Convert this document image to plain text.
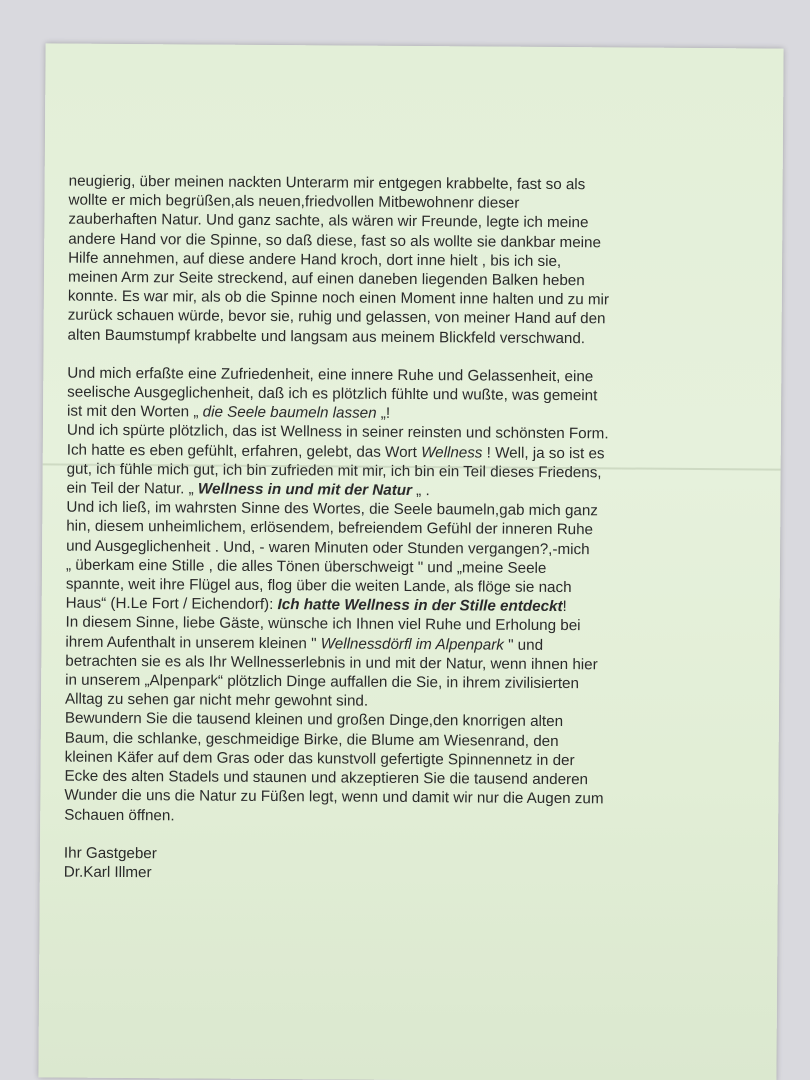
neugierig, über meinen nackten Unterarm mir entgegen krabbelte, fast so als
wollte er mich begrüßen,als neuen,friedvollen Mitbewohnenr dieser
zauberhaften Natur. Und ganz sachte, als wären wir Freunde, legte ich meine
andere Hand vor die Spinne, so daß diese, fast so als wollte sie dankbar meine
Hilfe annehmen, auf diese andere Hand kroch, dort inne hielt , bis ich sie,
meinen Arm zur Seite streckend, auf einen daneben liegenden Balken heben
konnte. Es war mir, als ob die Spinne noch einen Moment inne halten und zu mir
zurück schauen würde, bevor sie, ruhig und gelassen, von meiner Hand auf den
alten Baumstumpf krabbelte und langsam aus meinem Blickfeld verschwand.
Und mich erfaßte eine Zufriedenheit, eine innere Ruhe und Gelassenheit, eine
seelische Ausgeglichenheit, daß ich es plötzlich fühlte und wußte, was gemeint
ist mit den Worten „ die Seele baumeln lassen „!
Und ich spürte plötzlich, das ist Wellness in seiner reinsten und schönsten Form.
Ich hatte es eben gefühlt, erfahren, gelebt, das Wort Wellness ! Well, ja so ist es
gut, ich fühle mich gut, ich bin zufrieden mit mir, ich bin ein Teil dieses Friedens,
ein Teil der Natur. „ Wellness in und mit der Natur „ .
Und ich ließ, im wahrsten Sinne des Wortes, die Seele baumeln,gab mich ganz
hin, diesem unheimlichem, erlösendem, befreiendem Gefühl der inneren Ruhe
und Ausgeglichenheit . Und, - waren Minuten oder Stunden vergangen?,-mich
„ überkam eine Stille , die alles Tönen überschweigt " und „meine Seele
spannte, weit ihre Flügel aus, flog über die weiten Lande, als flöge sie nach
Haus“ (H.Le Fort / Eichendorf): Ich hatte Wellness in der Stille entdeckt!
In diesem Sinne, liebe Gäste, wünsche ich Ihnen viel Ruhe und Erholung bei
ihrem Aufenthalt in unserem kleinen " Wellnessdörfl im Alpenpark " und
betrachten sie es als Ihr Wellnesserlebnis in und mit der Natur, wenn ihnen hier
in unserem „Alpenpark“ plötzlich Dinge auffallen die Sie, in ihrem zivilisierten
Alltag zu sehen gar nicht mehr gewohnt sind.
Bewundern Sie die tausend kleinen und großen Dinge,den knorrigen alten
Baum, die schlanke, geschmeidige Birke, die Blume am Wiesenrand, den
kleinen Käfer auf dem Gras oder das kunstvoll gefertigte Spinnennetz in der
Ecke des alten Stadels und staunen und akzeptieren Sie die tausend anderen
Wunder die uns die Natur zu Füßen legt, wenn und damit wir nur die Augen zum
Schauen öffnen.
Ihr Gastgeber
Dr.Karl Illmer
